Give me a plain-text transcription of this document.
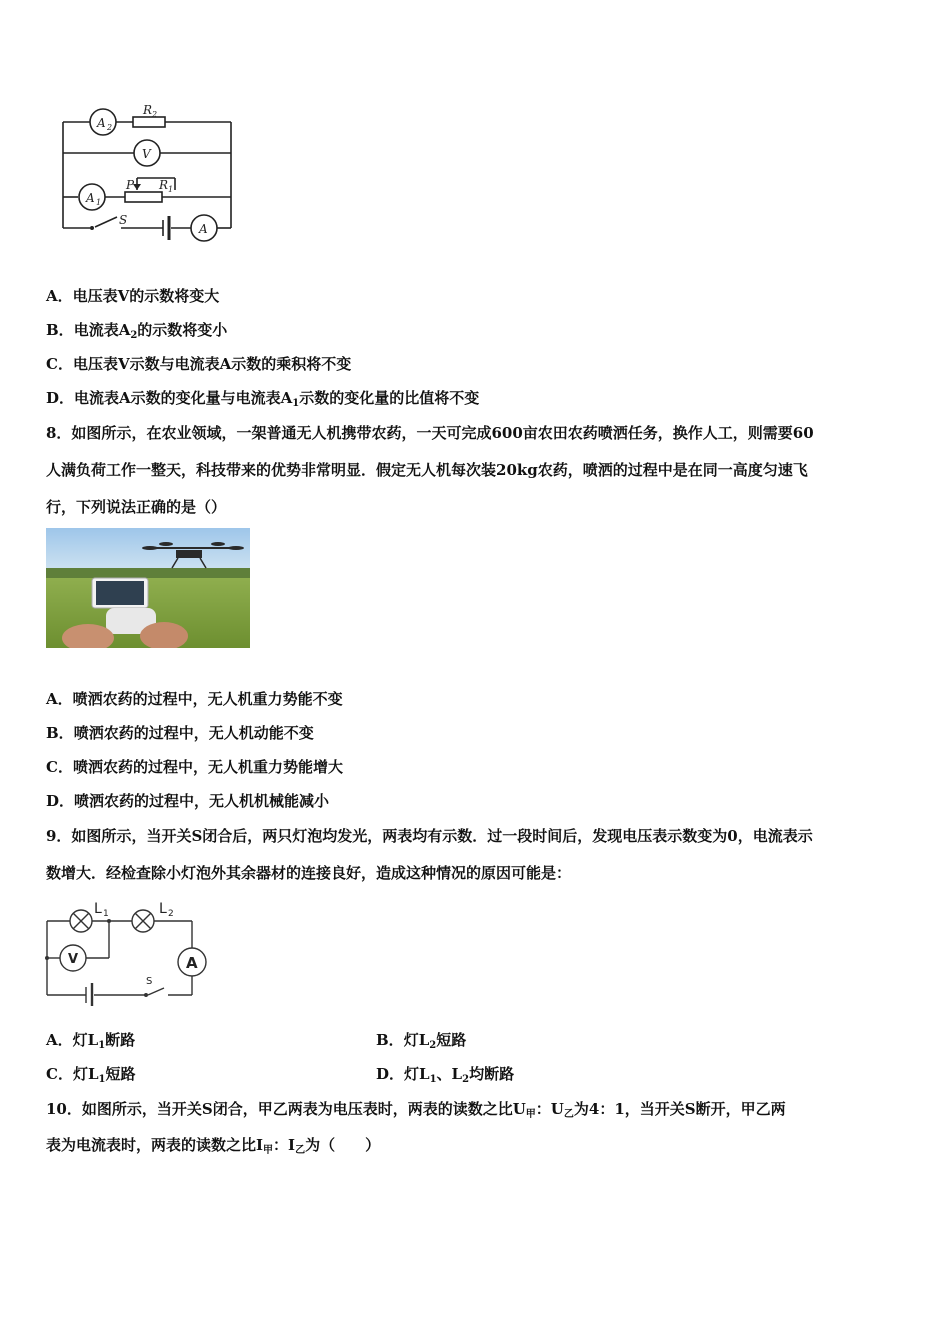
A 2
R 2
V
A 1
P R 1
S
A
A．电压表V的示数将变大
B．电流表$A_2$的示数将变小
C．电压表V示数与电流表A示数的乘积将不变
D．电流表A示数的变化量与电流表$A_1$示数的变化量的比值将不变
8．如图所示，在农业领域，一架普通无人机携带农药，一天可完成600亩农田农药喷洒任务，换作人工，则需要60
人满负荷工作一整天，科技带来的优势非常明显．假定无人机每次装20kg农药，喷洒的过程中是在同一高度匀速飞
行，下列说法正确的是（）
A．喷洒农药的过程中，无人机重力势能不变
B．喷洒农药的过程中，无人机动能不变
C．喷洒农药的过程中，无人机重力势能增大
D．喷洒农药的过程中，无人机机械能减小
9．如图所示，当开关S闭合后，两只灯泡均发光，两表均有示数．过一段时间后，发现电压表示数变为0，电流表示
数增大．经检查除小灯泡外其余器材的连接良好，造成这种情况的原因可能是：
L 1	L 2
V	A
S
A．灯$L_1$断路	B．灯$L_2$短路
C．灯$L_1$短路	D．灯$L_1$、$L_2$均断路
10．如图所示，当开关S闭合，甲乙两表为电压表时，两表的读数之比$U_甲$：$U_乙$为4：1，当开关S断开，甲乙两
表为电流表时，两表的读数之比$I_甲$：$I_乙$为（　　）
